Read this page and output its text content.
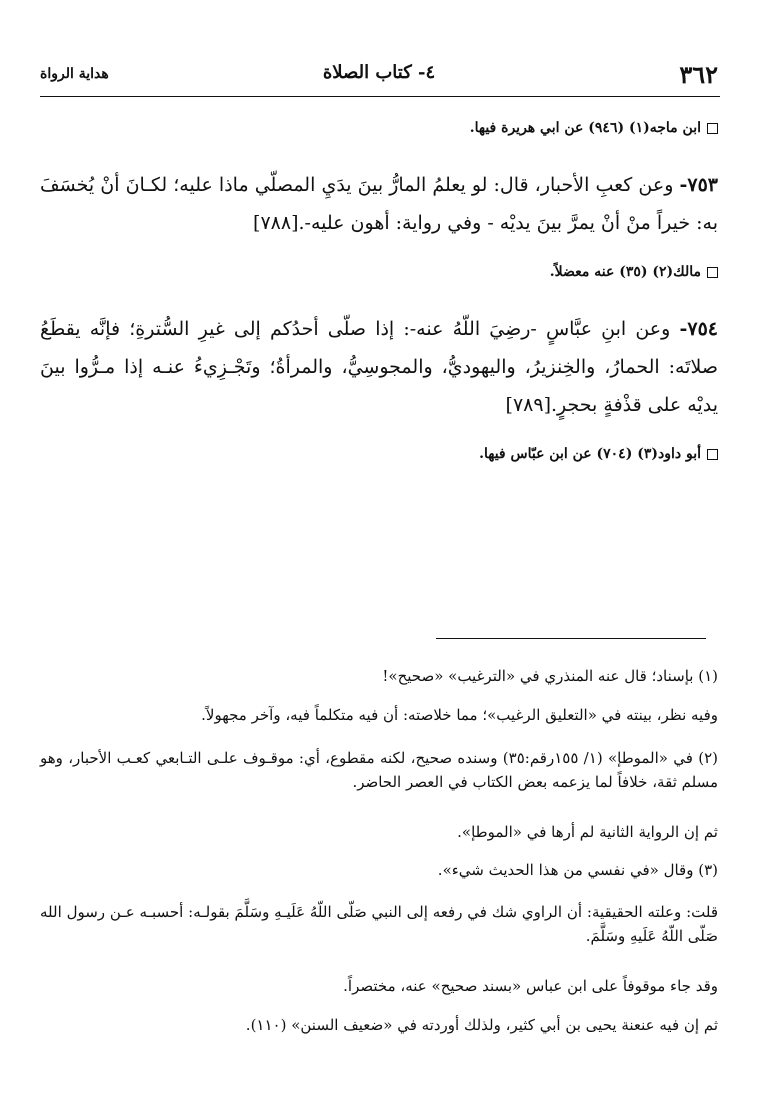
٣٦٢
٤- كتاب الصلاة
هداية الرواة
ابن ماجه(١) (٩٤٦) عن ابي هريرة فيها.
٧٥٣- وعن كعبِ الأحبار، قال: لو يعلمُ المارُّ بينَ يدَيِ المصلّي ماذا عليه؛ لكـانَ أنْ يُخسَفَ به: خيراً منْ أنْ يمرَّ بينَ يديْه - وفي رواية: أهون عليه-.[٧٨٨]
مالك(٢) (٣٥) عنه معضلاً.
٧٥٤- وعن ابنِ عبَّاسٍ -رضِيَ اللّهُ عنه-: إذا صلّى أحدُكم إلى غيرِ السُّترةِ؛ فإنَّه يقطَعُ صلاتَه: الحمارُ، والخِنزيرُ، واليهوديُّ، والمجوسِيُّ، والمرأةُ؛ وتَجْـزِيءُ عنـه إذا مـرُّوا بينَ يديْه على قذْفةٍ بحجرٍ.[٧٨٩]
أبو داود(٣) (٧٠٤) عن ابن عبّاس فيها.
(١) بإسناد؛ قال عنه المنذري في «الترغيب» «صحيح»!
وفيه نظر، بينته في «التعليق الرغيب»؛ مما خلاصته: أن فيه متكلماً فيه، وآخر مجهولاً.
(٢) في «الموطإ» (١/ ١٥٥رقم:٣٥) وسنده صحيح، لكنه مقطوع، أي: موقـوف علـى التـابعي كعـب الأحبار، وهو مسلم ثقة، خلافاً لما يزعمه بعض الكتاب في العصر الحاضر.
ثم إن الرواية الثانية لم أرها في «الموطإ».
(٣) وقال «في نفسي من هذا الحديث شيء».
قلت: وعلته الحقيقية: أن الراوي شك في رفعه إلى النبي صَلّى اللّهُ عَلَيـهِ وسَلَّمَ بقولـه: أحسبـه عـن رسول الله صَلّى اللّهُ عَلَيهِ وسَلَّمَ.
وقد جاء موقوفاً على ابن عباس «بسند صحيح» عنه، مختصراً.
ثم إن فيه عنعنة يحيى بن أبي كثير، ولذلك أوردته في «ضعيف السنن» (١١٠).
